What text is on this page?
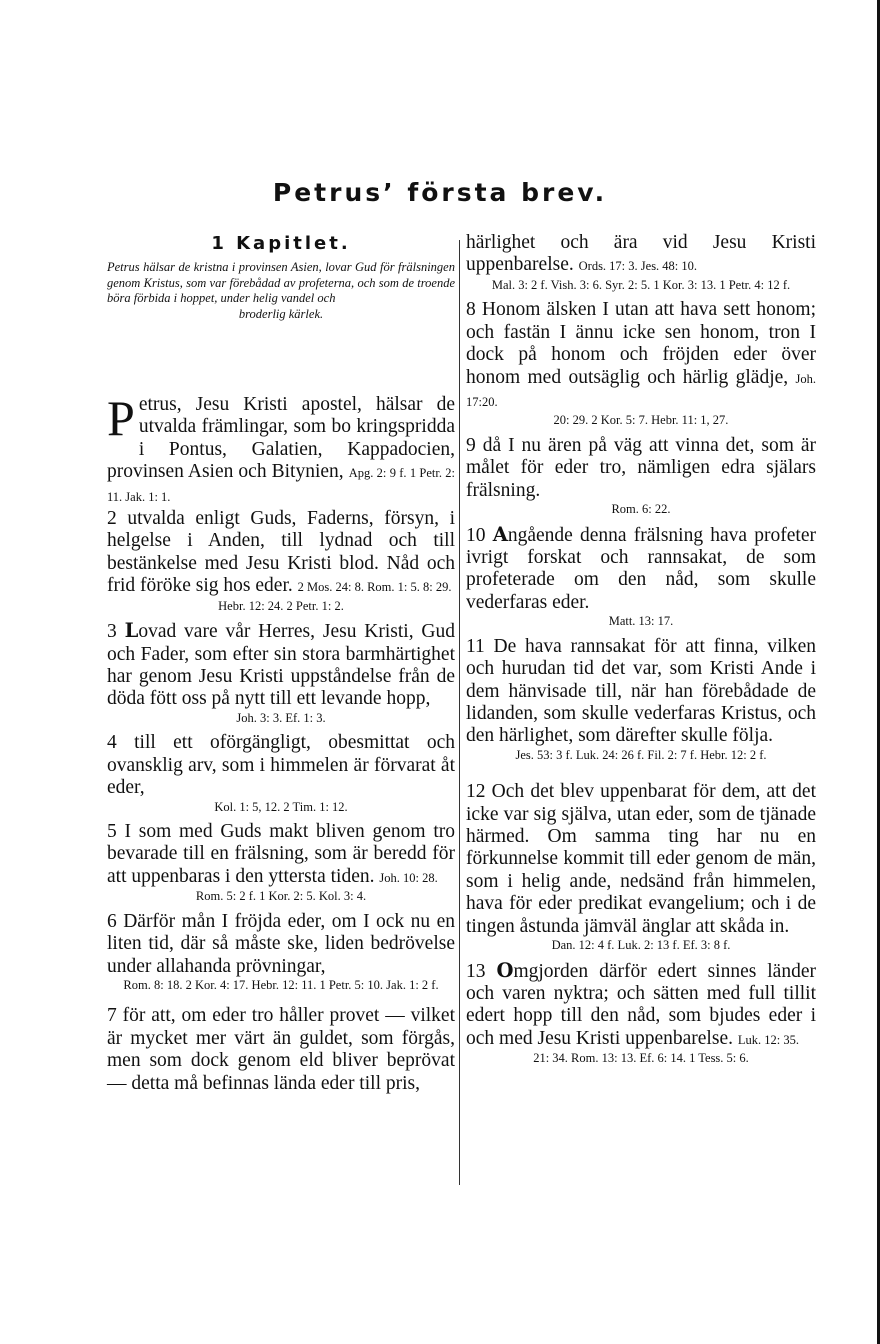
Petrus’ första brev.
1 Kapitlet.
Petrus hälsar de kristna i provinsen Asien, lovar Gud för frälsningen genom Kristus, som var förebådad av profeterna, och som de troende böra förbida i hoppet, under helig vandel och
broderlig kärlek.

Petrus, Jesu Kristi apostel, hälsar de utvalda främlingar, som bo kringspridda i Pontus, Galatien, Kappadocien, provinsen Asien och Bitynien, Apg. 2: 9 f. 1 Petr. 2: 11. Jak. 1: 1.

2 utvalda enligt Guds, Faderns, försyn, i helgelse i Anden, till lydnad och till bestänkelse med Jesu Kristi blod. Nåd och frid föröke sig hos eder. 2 Mos. 24: 8. Rom. 1: 5. 8: 29.

Hebr. 12: 24. 2 Petr. 1: 2.

3 Lovad vare vår Herres, Jesu Kristi, Gud och Fader, som efter sin stora barmhärtighet har genom Jesu Kristi uppståndelse från de döda fött oss på nytt till ett levande hopp,

Joh. 3: 3. Ef. 1: 3.

4 till ett oförgängligt, obesmittat och ovansklig arv, som i himmelen är förvarat åt eder,

Kol. 1: 5, 12. 2 Tim. 1: 12.

5 I som med Guds makt bliven genom tro bevarade till en frälsning, som är beredd för att uppenbaras i den yttersta tiden. Joh. 10: 28.

Rom. 5: 2 f. 1 Kor. 2: 5. Kol. 3: 4.

6 Därför mån I fröjda eder, om I ock nu en liten tid, där så måste ske, liden bedrövelse under allahanda prövningar,

Rom. 8: 18. 2 Kor. 4: 17. Hebr. 12: 11. 1 Petr. 5: 10. Jak. 1: 2 f.

7 för att, om eder tro håller provet — vilket är mycket mer värt än guldet, som förgås, men som dock genom eld bliver beprövat — detta må befinnas lända eder till pris,

härlighet och ära vid Jesu Kristi uppenbarelse. Ords. 17: 3. Jes. 48: 10.

Mal. 3: 2 f. Vish. 3: 6. Syr. 2: 5. 1 Kor. 3: 13. 1 Petr. 4: 12 f.

8 Honom älsken I utan att hava sett honom; och fastän I ännu icke sen honom, tron I dock på honom och fröjden eder över honom med outsäglig och härlig glädje, Joh. 17:20.

20: 29. 2 Kor. 5: 7. Hebr. 11: 1, 27.

9 då I nu ären på väg att vinna det, som är målet för eder tro, nämligen edra själars frälsning.

Rom. 6: 22.

10 Angående denna frälsning hava profeter ivrigt forskat och rannsakat, de som profeterade om den nåd, som skulle vederfaras eder.

Matt. 13: 17.

11 De hava rannsakat för att finna, vilken och hurudan tid det var, som Kristi Ande i dem hänvisade till, när han förebådade de lidanden, som skulle vederfaras Kristus, och den härlighet, som därefter skulle följa.

Jes. 53: 3 f. Luk. 24: 26 f. Fil. 2: 7 f. Hebr. 12: 2 f.

12 Och det blev uppenbarat för dem, att det icke var sig själva, utan eder, som de tjänade härmed. Om samma ting har nu en förkunnelse kommit till eder genom de män, som i helig ande, nedsänd från himmelen, hava för eder predikat evangelium; och i de tingen åstunda jämväl änglar att skåda in.

Dan. 12: 4 f. Luk. 2: 13 f. Ef. 3: 8 f.

13 Omgjorden därför edert sinnes länder och varen nyktra; och sätten med full tillit edert hopp till den nåd, som bjudes eder i och med Jesu Kristi uppenbarelse. Luk. 12: 35.

21: 34. Rom. 13: 13. Ef. 6: 14. 1 Tess. 5: 6.
